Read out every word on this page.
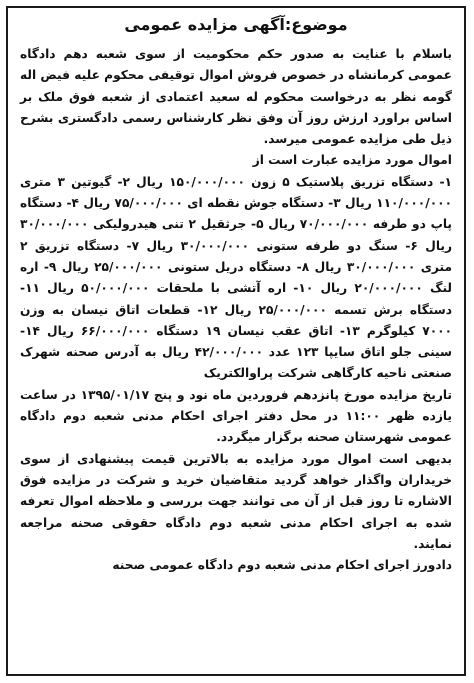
موضوع:آگهی مزایده عمومی

باسلام با عنایت به صدور حکم محکومیت از سوی شعبه دهم دادگاه عمومی کرمانشاه در خصوص فروش اموال توقیفی محکوم علیه فیض اله گومه نظر به درخواست محکوم له سعید اعتمادی از شعبه فوق ملک بر اساس براورد ارزش روز آن وفق نظر کارشناس رسمی دادگستری بشرح ذیل طی مزایده عمومی میرسد.

اموال مورد مزایده عبارت است از

۱- دستگاه تزریق پلاستیک ۵ زون ۱۵۰/۰۰۰/۰۰۰ ریال ۲- گیوتین ۳ متری ۱۱۰/۰۰۰/۰۰۰ ریال ۳- دستگاه جوش نقطه ای ۷۵/۰۰۰/۰۰۰ ریال ۴- دستگاه پاپ دو طرفه ۷۰/۰۰۰/۰۰۰ ریال ۵- جرثقیل ۲ تنی هیدرولیکی ۳۰/۰۰۰/۰۰۰ ریال ۶- سنگ دو طرفه ستونی ۳۰/۰۰۰/۰۰۰ ریال ۷- دستگاه تزریق ۲ متری ۳۰/۰۰۰/۰۰۰ ریال ۸- دستگاه دریل ستونی ۲۵/۰۰۰/۰۰۰ ریال ۹- اره لنگ ۲۰/۰۰۰/۰۰۰ ریال ۱۰- اره آتشی با ملحقات ۵۰/۰۰۰/۰۰۰ ریال ۱۱- دستگاه برش تسمه ۲۵/۰۰۰/۰۰۰ ریال ۱۲- قطعات اتاق نیسان به وزن ۷۰۰۰ کیلوگرم ۱۳- اتاق عقب نیسان ۱۹ دستگاه ۶۶/۰۰۰/۰۰۰ ریال ۱۴- سینی جلو اتاق سایپا ۱۲۳ عدد ۴۲/۰۰۰/۰۰۰ ریال به آدرس صحنه شهرک صنعتی ناحیه کارگاهی شرکت پراوالکتریک

تاریخ مزایده مورخ پانزدهم فروردین ماه نود و پنج ۱۳۹۵/۰۱/۱۷ در ساعت یازده ظهر ۱۱:۰۰ در محل دفتر اجرای احکام مدنی شعبه دوم دادگاه عمومی شهرستان صحنه برگزار میگردد.

بدیهی است اموال مورد مزایده به بالاترین قیمت پیشنهادی از سوی خریداران واگذار خواهد گردید متقاضیان خرید و شرکت در مزایده فوق الاشاره تا روز قبل از آن می توانند جهت بررسی و ملاحظه اموال تعرفه شده به اجرای احکام مدنی شعبه دوم دادگاه حقوقی صحنه مراجعه نمایند.

دادورز اجرای احکام مدنی شعبه دوم دادگاه عمومی صحنه
